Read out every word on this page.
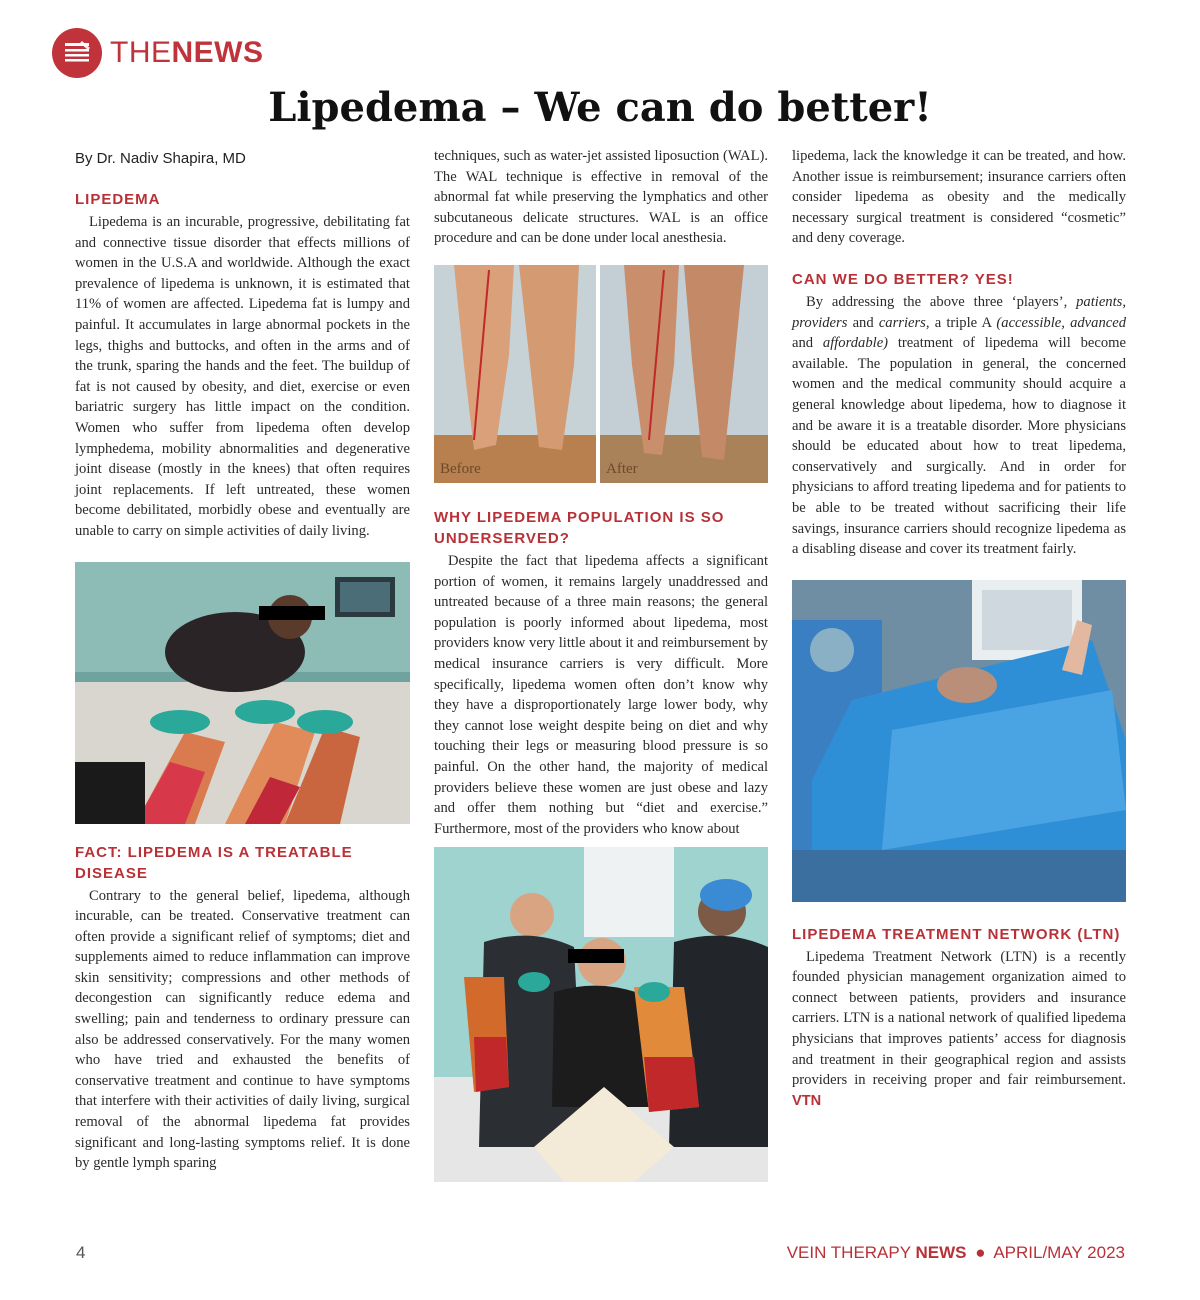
THENEWS
Lipedema – We can do better!
By Dr. Nadiv Shapira, MD
LIPEDEMA

Lipedema is an incurable, progressive, debilitating fat and connective tissue disorder that effects millions of women in the U.S.A and worldwide. Although the exact prevalence of lipedema is unknown, it is estimated that 11% of women are affected. Lipedema fat is lumpy and painful. It accumulates in large abnormal pockets in the legs, thighs and buttocks, and often in the arms and of the trunk, sparing the hands and the feet. The buildup of fat is not caused by obesity, and diet, exercise or even bariatric surgery has little impact on the condition. Women who suffer from lipedema often develop lymphedema, mobility abnormalities and degenerative joint disease (mostly in the knees) that often requires joint replacements. If left untreated, these women become debilitated, morbidly obese and eventually are unable to carry on simple activities of daily living.

FACT: LIPEDEMA IS A TREATABLE DISEASE

Contrary to the general belief, lipedema, although incurable, can be treated. Conservative treatment can often provide a significant relief of symptoms; diet and supplements aimed to reduce inflammation can improve skin sensitivity; compressions and other methods of decongestion can significantly reduce edema and swelling; pain and tenderness to ordinary pressure can also be addressed conservatively. For the many women who have tried and exhausted the benefits of conservative treatment and continue to have symptoms that interfere with their activities of daily living, surgical removal of the abnormal lipedema fat provides significant and long-lasting symptoms relief. It is done by gentle lymph sparing

techniques, such as water-jet assisted liposuction (WAL). The WAL technique is effective in removal of the abnormal fat while preserving the lymphatics and other subcutaneous delicate structures. WAL is an office procedure and can be done under local anesthesia.

Before	After
WHY LIPEDEMA POPULATION IS SO UNDERSERVED?

Despite the fact that lipedema affects a significant portion of women, it remains largely unaddressed and untreated because of a three main reasons; the general population is poorly informed about lipedema, most providers know very little about it and reimbursement by medical insurance carriers is very difficult. More specifically, lipedema women often don’t know why they have a disproportionately large lower body, why they cannot lose weight despite being on diet and why touching their legs or measuring blood pressure is so painful. On the other hand, the majority of medical providers believe these women are just obese and lazy and offer them nothing but “diet and exercise.” Furthermore, most of the providers who know about

lipedema, lack the knowledge it can be treated, and how. Another issue is reimbursement; insurance carriers often consider lipedema as obesity and the medically necessary surgical treatment is considered “cosmetic” and deny coverage.

CAN WE DO BETTER? YES!

By addressing the above three ‘players’, patients, providers and carriers, a triple A (accessible, advanced and affordable) treatment of lipedema will become available. The population in general, the concerned women and the medical community should acquire a general knowledge about lipedema, how to diagnose it and be aware it is a treatable disorder. More physicians should be educated about how to treat lipedema, conservatively and surgically. And in order for physicians to afford treating lipedema and for patients to be able to be treated without sacrificing their life savings, insurance carriers should recognize lipedema as a disabling disease and cover its treatment fairly.

LIPEDEMA TREATMENT NETWORK (LTN)

Lipedema Treatment Network (LTN) is a recently founded physician management organization aimed to connect between patients, providers and insurance carriers. LTN is a national network of qualified lipedema physicians that improves patients’ access for diagnosis and treatment in their geographical region and assists providers in receiving proper and fair reimbursement. VTN

4	VEIN THERAPY NEWS ● APRIL/MAY 2023
